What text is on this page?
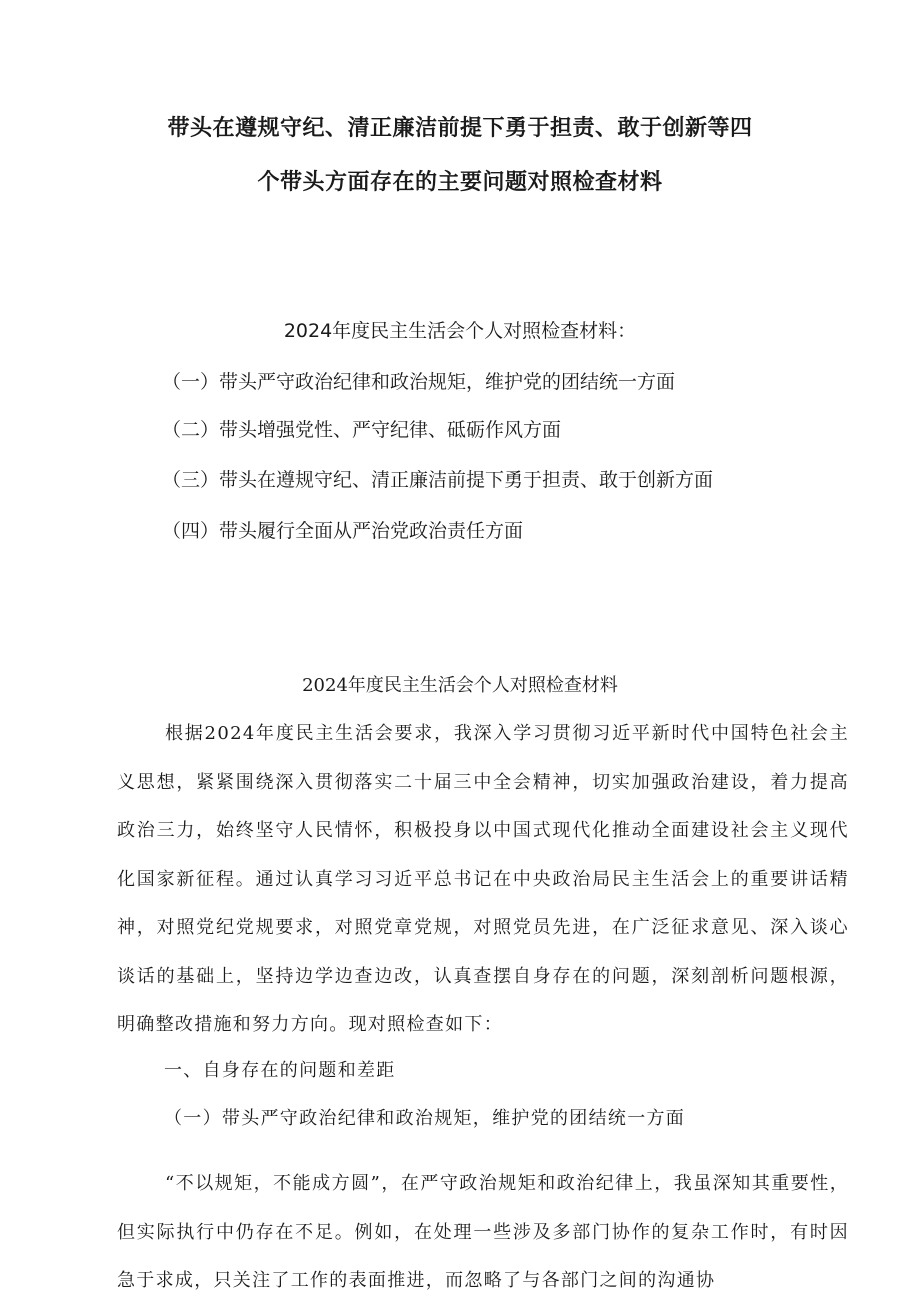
带头在遵规守纪、清正廉洁前提下勇于担责、敢于创新等四
个带头方面存在的主要问题对照检查材料
2024年度民主生活会个人对照检查材料：
（一）带头严守政治纪律和政治规矩，维护党的团结统一方面
（二）带头增强党性、严守纪律、砥砺作风方面
（三）带头在遵规守纪、清正廉洁前提下勇于担责、敢于创新方面
（四）带头履行全面从严治党政治责任方面
2024年度民主生活会个人对照检查材料

根据2024年度民主生活会要求，我深入学习贯彻习近平新时代中国特色社会主义思想，紧紧围绕深入贯彻落实二十届三中全会精神，切实加强政治建设，着力提高政治三力，始终坚守人民情怀，积极投身以中国式现代化推动全面建设社会主义现代化国家新征程。通过认真学习习近平总书记在中央政治局民主生活会上的重要讲话精神，对照党纪党规要求，对照党章党规，对照党员先进，在广泛征求意见、深入谈心谈话的基础上，坚持边学边查边改，认真查摆自身存在的问题，深刻剖析问题根源，明确整改措施和努力方向。现对照检查如下：

一、自身存在的问题和差距
（一）带头严守政治纪律和政治规矩，维护党的团结统一方面

“不以规矩，不能成方圆”，在严守政治规矩和政治纪律上，我虽深知其重要性，但实际执行中仍存在不足。例如，在处理一些涉及多部门协作的复杂工作时，有时因急于求成，只关注了工作的表面推进，而忽略了与各部门之间的沟通协
